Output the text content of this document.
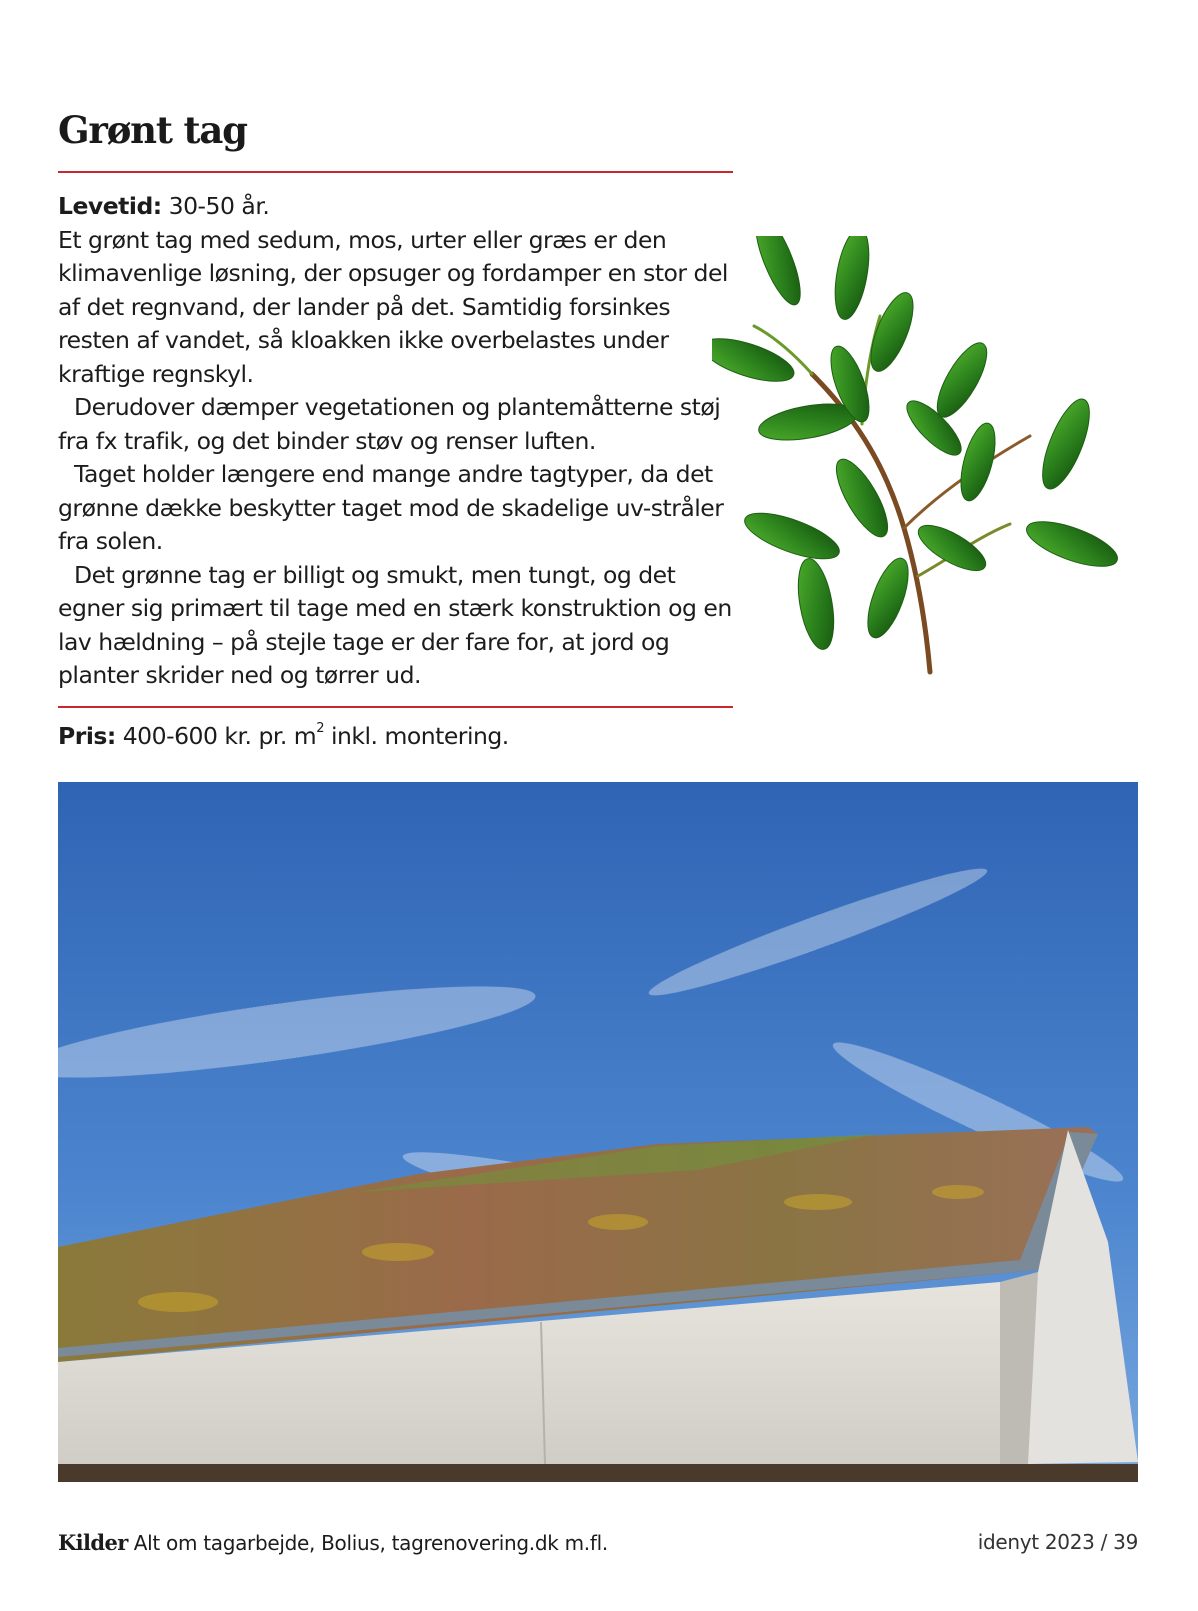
Grønt tag

Levetid: 30-50 år.

Et grønt tag med sedum, mos, urter eller græs er den klimavenlige løsning, der opsuger og fordamper en stor del af det regnvand, der lander på det. Samtidig forsinkes resten af vandet, så kloakken ikke overbelastes under kraftige regnskyl.

Derudover dæmper vegetationen og plantemåtterne støj fra fx trafik, og det binder støv og renser luften.

Taget holder længere end mange andre tagtyper, da det grønne dække beskytter taget mod de skadelige uv-stråler fra solen.

Det grønne tag er billigt og smukt, men tungt, og det egner sig primært til tage med en stærk konstruktion og en lav hældning – på stejle tage er der fare for, at jord og planter skrider ned og tørrer ud.

Pris: 400-600 kr. pr. $m^2$ inkl. montering.

Kilder Alt om tagarbejde, Bolius, tagrenovering.dk m.fl.	idenyt 2023 / 39
